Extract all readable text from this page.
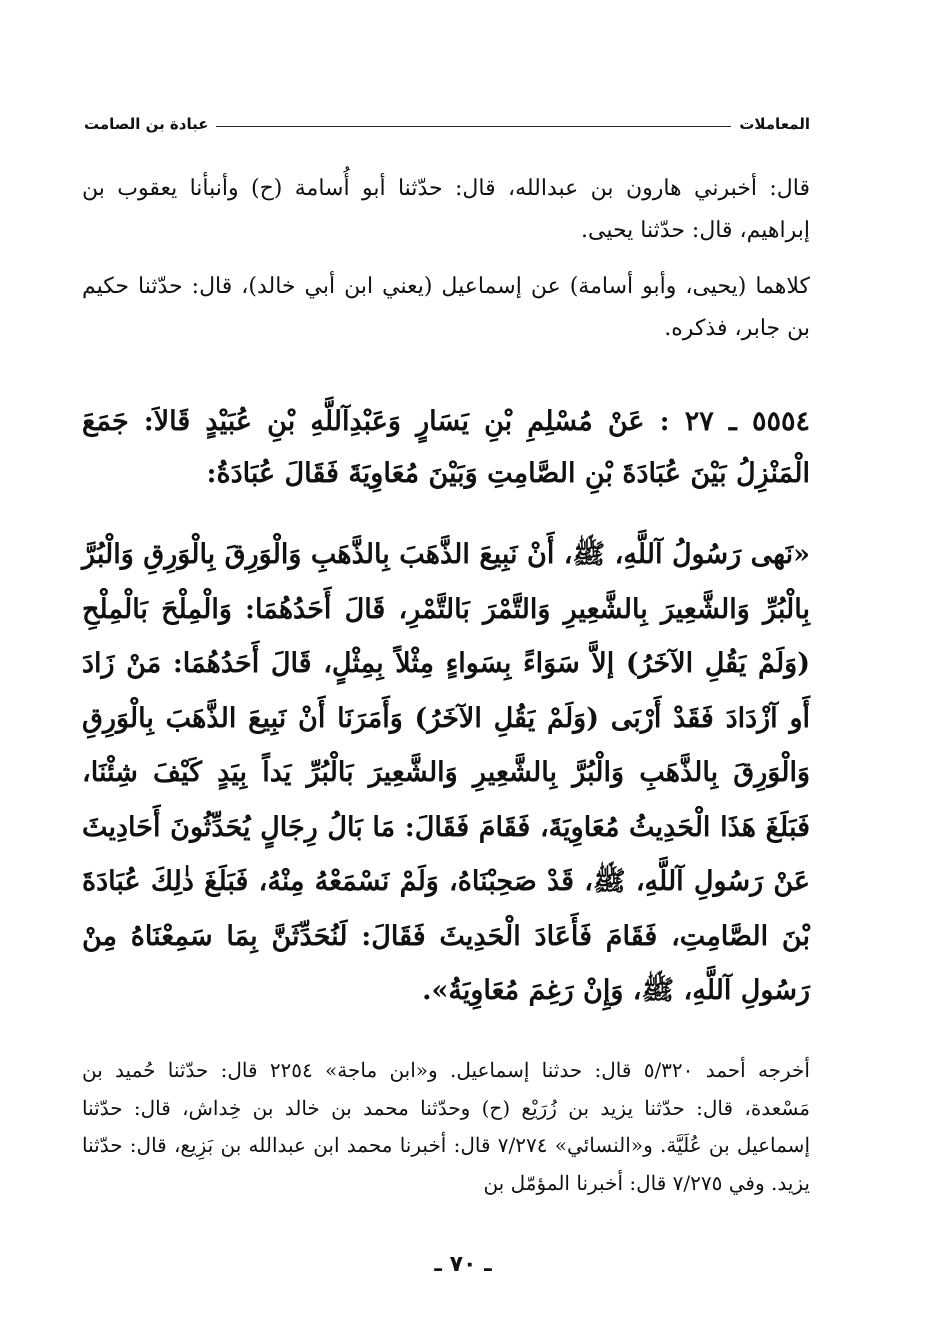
المعاملات
عبادة بن الصامت
قال: أخبرني هارون بن عبدالله، قال: حدّثنا أبو أُسامة (ح) وأنبأنا يعقوب بن إبراهيم، قال: حدّثنا يحيى.
كلاهما (يحيى، وأبو أسامة) عن إسماعيل (يعني ابن أبي خالد)، قال: حدّثنا حكيم بن جابر، فذكره.
٥٥٥٤ ـ ٢٧ : عَنْ مُسْلِمِ بْنِ يَسَارٍ وَعَبْدِآللَّهِ بْنِ عُبَيْدٍ قَالاَ: جَمَعَ الْمَنْزِلُ بَيْنَ عُبَادَةَ بْنِ الصَّامِتِ وَبَيْنَ مُعَاوِيَةَ فَقَالَ عُبَادَةُ:
«نَهى رَسُولُ آللَّهِ، ﷺ، أَنْ نَبِيعَ الذَّهَبَ بِالذَّهَبِ وَالْوَرِقَ بِالْوَرِقِ وَالْبُرَّ بِالْبُرِّ وَالشَّعِيرَ بِالشَّعِيرِ وَالتَّمْرَ بَالتَّمْرِ، قَالَ أَحَدُهُمَا: وَالْمِلْحَ بَالْمِلْحِ (وَلَمْ يَقُلِ الآخَرُ) إلاَّ سَوَاءً بِسَواءٍ مِثْلاً بِمِثْلٍ، قَالَ أَحَدُهُمَا: مَنْ زَادَ أَو آزْدَادَ فَقَدْ أَرْبَى (وَلَمْ يَقُلِ الآخَرُ) وَأَمَرَنَا أَنْ نَبِيعَ الذَّهَبَ بِالْوَرِقِ وَالْوَرِقَ بِالذَّهَبِ وَالْبُرَّ بِالشَّعِيرِ وَالشَّعِيرَ بَالْبُرِّ يَداً بِيَدٍ كَيْفَ شِئْنَا، فَبَلَغَ هَذَا الْحَدِيثُ مُعَاوِيَةَ، فَقَامَ فَقَالَ: مَا بَالُ رِجَالٍ يُحَدِّثُونَ أَحَادِيثَ عَنْ رَسُولِ آللَّهِ، ﷺ، قَدْ صَحِبْنَاهُ، وَلَمْ نَسْمَعْهُ مِنْهُ، فَبَلَغَ ذٰلِكَ عُبَادَةَ بْنَ الصَّامِتِ، فَقَامَ فَأَعَادَ الْحَدِيثَ فَقَالَ: لَنُحَدِّثَنَّ بِمَا سَمِعْنَاهُ مِنْ رَسُولِ آللَّهِ، ﷺ، وَإِنْ رَغِمَ مُعَاوِيَةُ».
أخرجه أحمد ٥/٣٢٠ قال: حدثنا إسماعيل. و«ابن ماجة» ٢٢٥٤ قال: حدّثنا حُميد بن مَسْعدة، قال: حدّثنا يزيد بن زُرَيْع (ح) وحدّثنا محمد بن خالد بن خِداش، قال: حدّثنا إسماعيل بن عُلَيَّة. و«النسائي» ٧/٢٧٤ قال: أخبرنا محمد ابن عبدالله بن بَزِيع، قال: حدّثنا يزيد. وفي ٧/٢٧٥ قال: أخبرنا المؤمّل بن
ـ ٧٠ ـ
